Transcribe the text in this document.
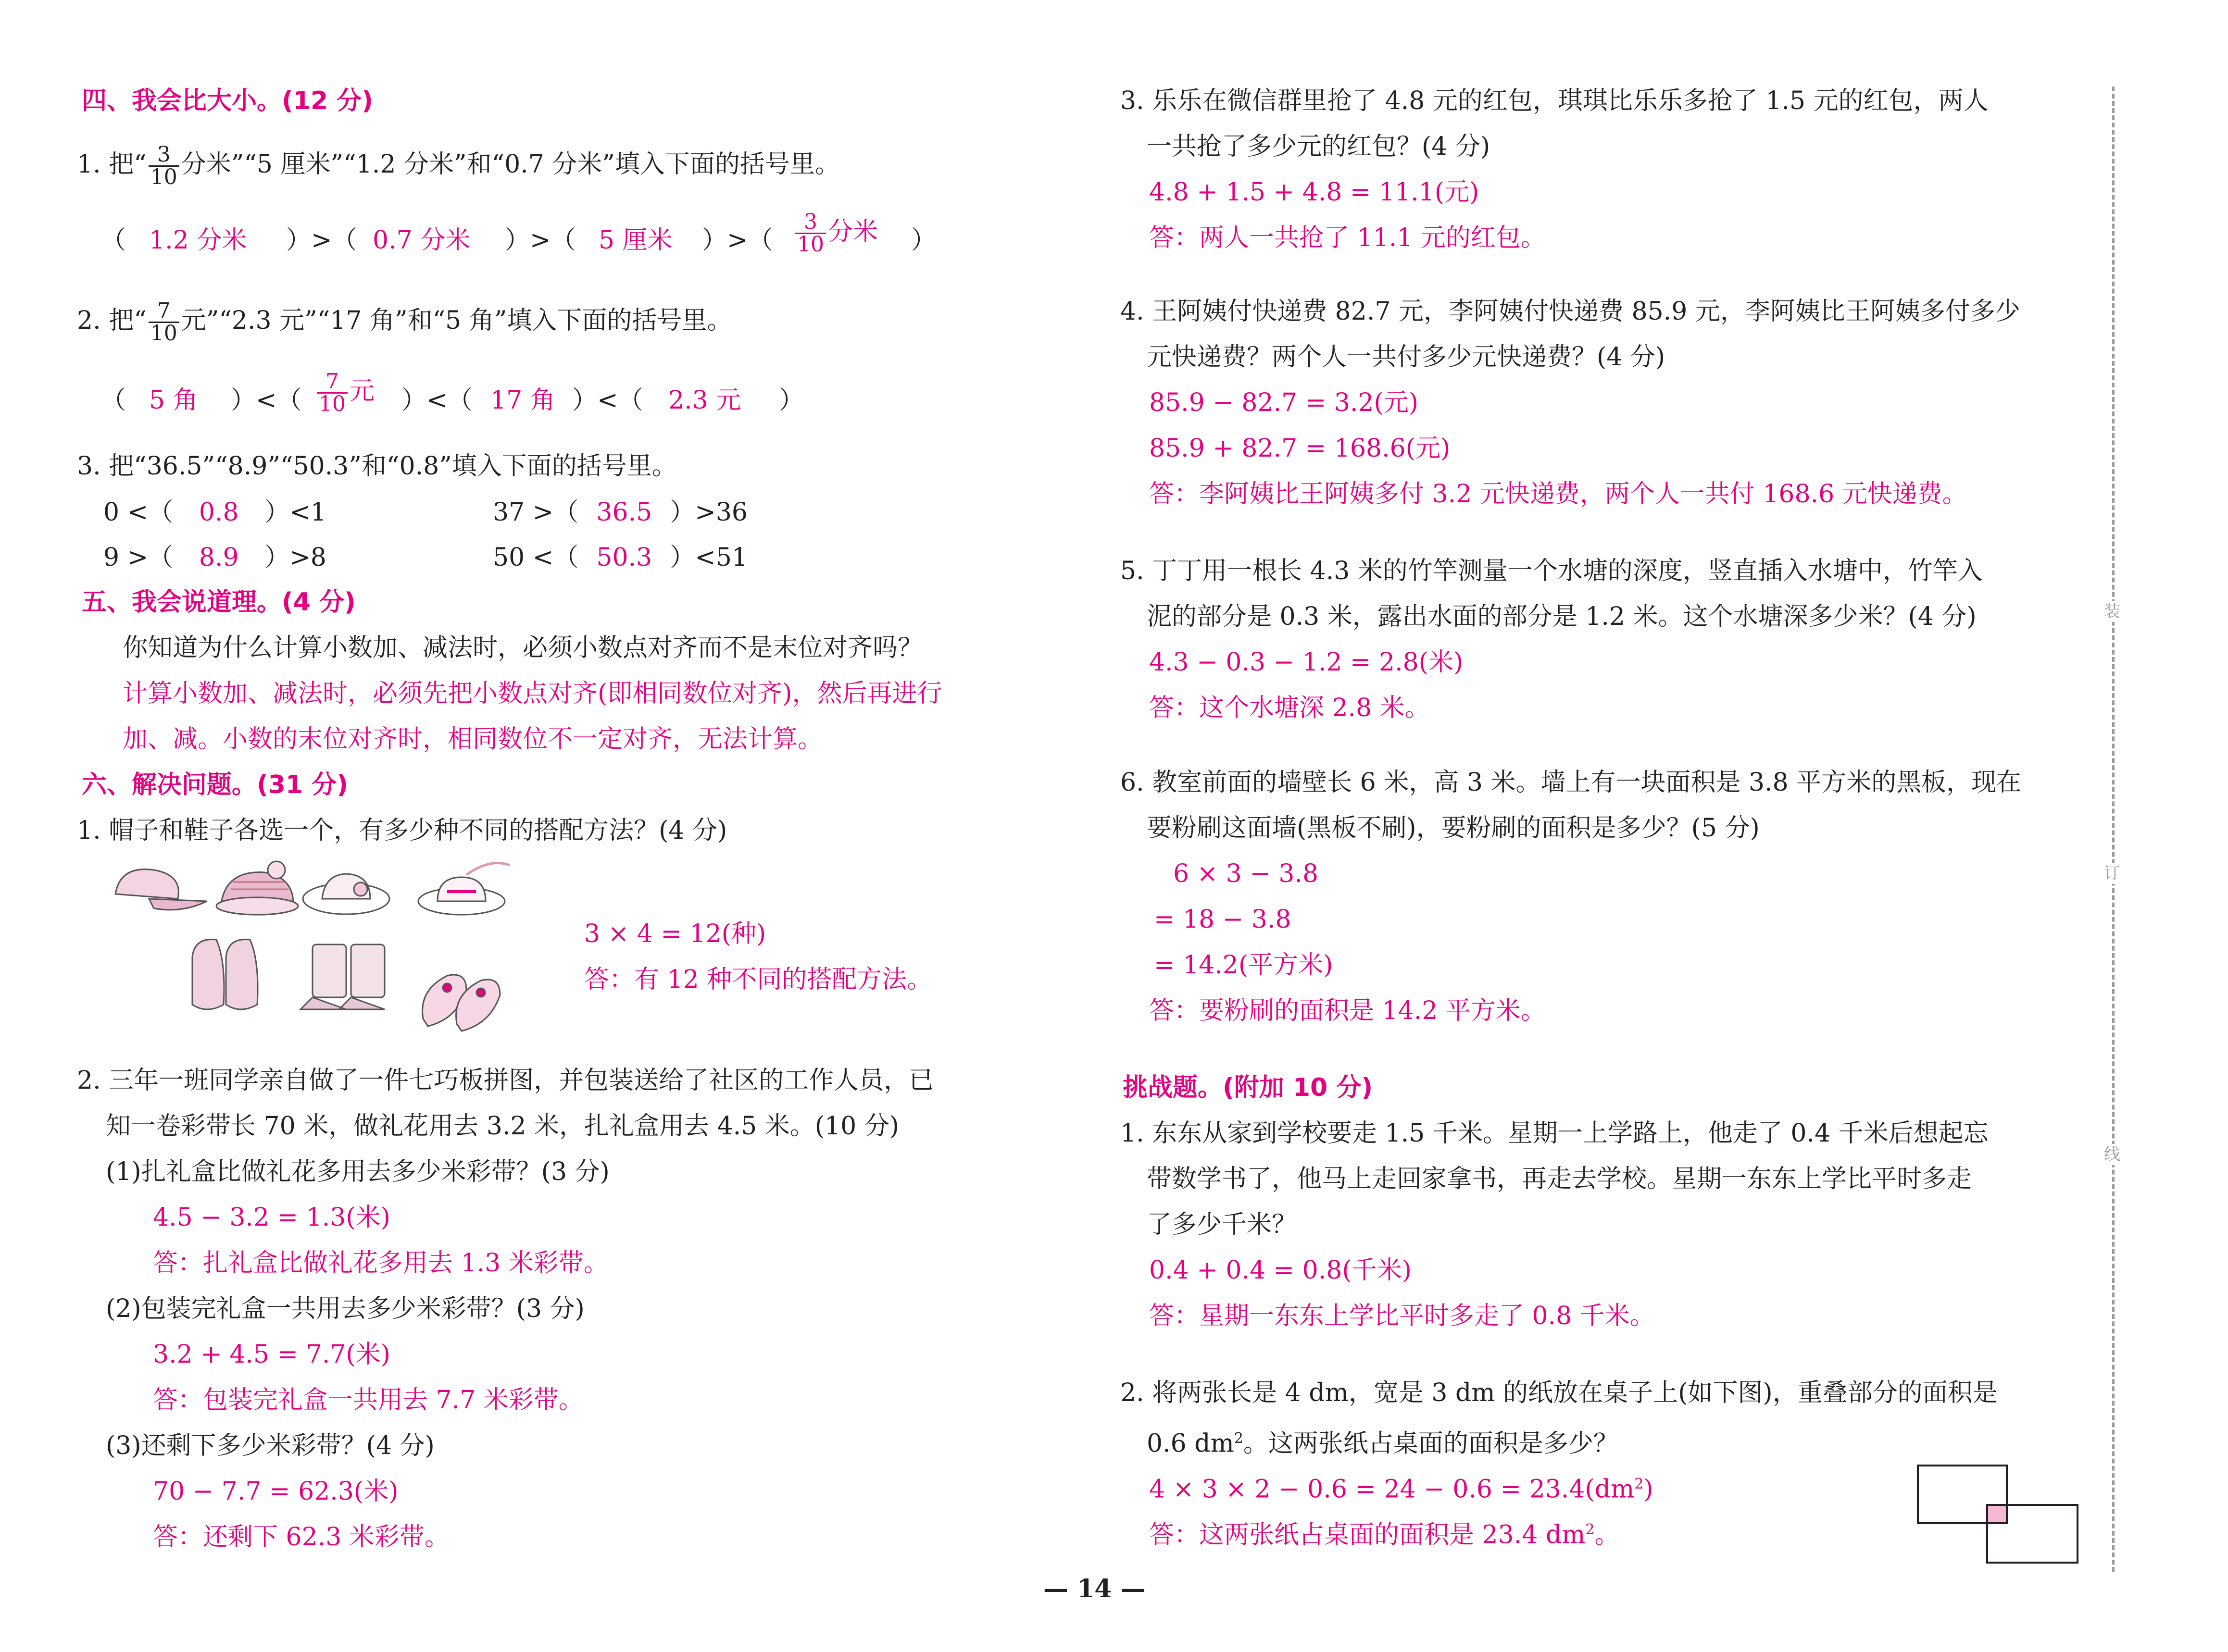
四、我会比大小。(12 分)
1. 把“ $\frac{3}{10}$ 分米”“5 厘米”“1.2 分米”和“0.7 分米”填入下面的括号里。
（ 1.2 分米 ）>（ 0.7 分米 ）>（ 5 厘米 ）>（ $\frac{3}{10}$ 分米 ）
2. 把“ $\frac{7}{10}$ 元”“2.3 元”“17 角”和“5 角”填入下面的括号里。
（ 5 角 ）<（ $\frac{7}{10}$ 元 ）<（ 17 角 ）<（ 2.3 元 ）
3. 把“36.5”“8.9”“50.3”和“0.8”填入下面的括号里。
0 <（ 0.8 ）<1	37 >（ 36.5 ）>36
9 >（ 8.9 ）>8	50 <（ 50.3 ）<51
五、我会说道理。(4 分)
你知道为什么计算小数加、减法时，必须小数点对齐而不是末位对齐吗？
计算小数加、减法时，必须先把小数点对齐(即相同数位对齐)，然后再进行
加、减。小数的末位对齐时，相同数位不一定对齐，无法计算。
六、解决问题。(31 分)
1. 帽子和鞋子各选一个，有多少种不同的搭配方法？(4 分)
3 × 4 = 12(种)
答：有 12 种不同的搭配方法。
2. 三年一班同学亲自做了一件七巧板拼图，并包装送给了社区的工作人员，已
知一卷彩带长 70 米，做礼花用去 3.2 米，扎礼盒用去 4.5 米。(10 分)
(1)扎礼盒比做礼花多用去多少米彩带？(3 分)
4.5 − 3.2 = 1.3(米)
答：扎礼盒比做礼花多用去 1.3 米彩带。
(2)包装完礼盒一共用去多少米彩带？(3 分)
3.2 + 4.5 = 7.7(米)
答：包装完礼盒一共用去 7.7 米彩带。
(3)还剩下多少米彩带？(4 分)
70 − 7.7 = 62.3(米)
答：还剩下 62.3 米彩带。
3. 乐乐在微信群里抢了 4.8 元的红包，琪琪比乐乐多抢了 1.5 元的红包，两人
一共抢了多少元的红包？(4 分)
4.8 + 1.5 + 4.8 = 11.1(元)
答：两人一共抢了 11.1 元的红包。
4. 王阿姨付快递费 82.7 元，李阿姨付快递费 85.9 元，李阿姨比王阿姨多付多少
元快递费？两个人一共付多少元快递费？(4 分)
85.9 − 82.7 = 3.2(元)
85.9 + 82.7 = 168.6(元)
答：李阿姨比王阿姨多付 3.2 元快递费，两个人一共付 168.6 元快递费。
5. 丁丁用一根长 4.3 米的竹竿测量一个水塘的深度，竖直插入水塘中，竹竿入
泥的部分是 0.3 米，露出水面的部分是 1.2 米。这个水塘深多少米？(4 分)
4.3 − 0.3 − 1.2 = 2.8(米)
答：这个水塘深 2.8 米。
6. 教室前面的墙壁长 6 米，高 3 米。墙上有一块面积是 3.8 平方米的黑板，现在
要粉刷这面墙(黑板不刷)，要粉刷的面积是多少？(5 分)
6 × 3 − 3.8
= 18 − 3.8
= 14.2(平方米)
答：要粉刷的面积是 14.2 平方米。
挑战题。(附加 10 分)
1. 东东从家到学校要走 1.5 千米。星期一上学路上，他走了 0.4 千米后想起忘
带数学书了，他马上走回家拿书，再走去学校。星期一东东上学比平时多走
了多少千米？
0.4 + 0.4 = 0.8(千米)
答：星期一东东上学比平时多走了 0.8 千米。
2. 将两张长是 4 dm，宽是 3 dm 的纸放在桌子上(如下图)，重叠部分的面积是
0.6 $dm^2$。这两张纸占桌面的面积是多少？
$4 \times 3 \times 2 - 0.6 = 24 - 0.6 = 23.4(dm^2)$
答：这两张纸占桌面的面积是 23.4 $dm^2$。
装
订
线
— 14 —
